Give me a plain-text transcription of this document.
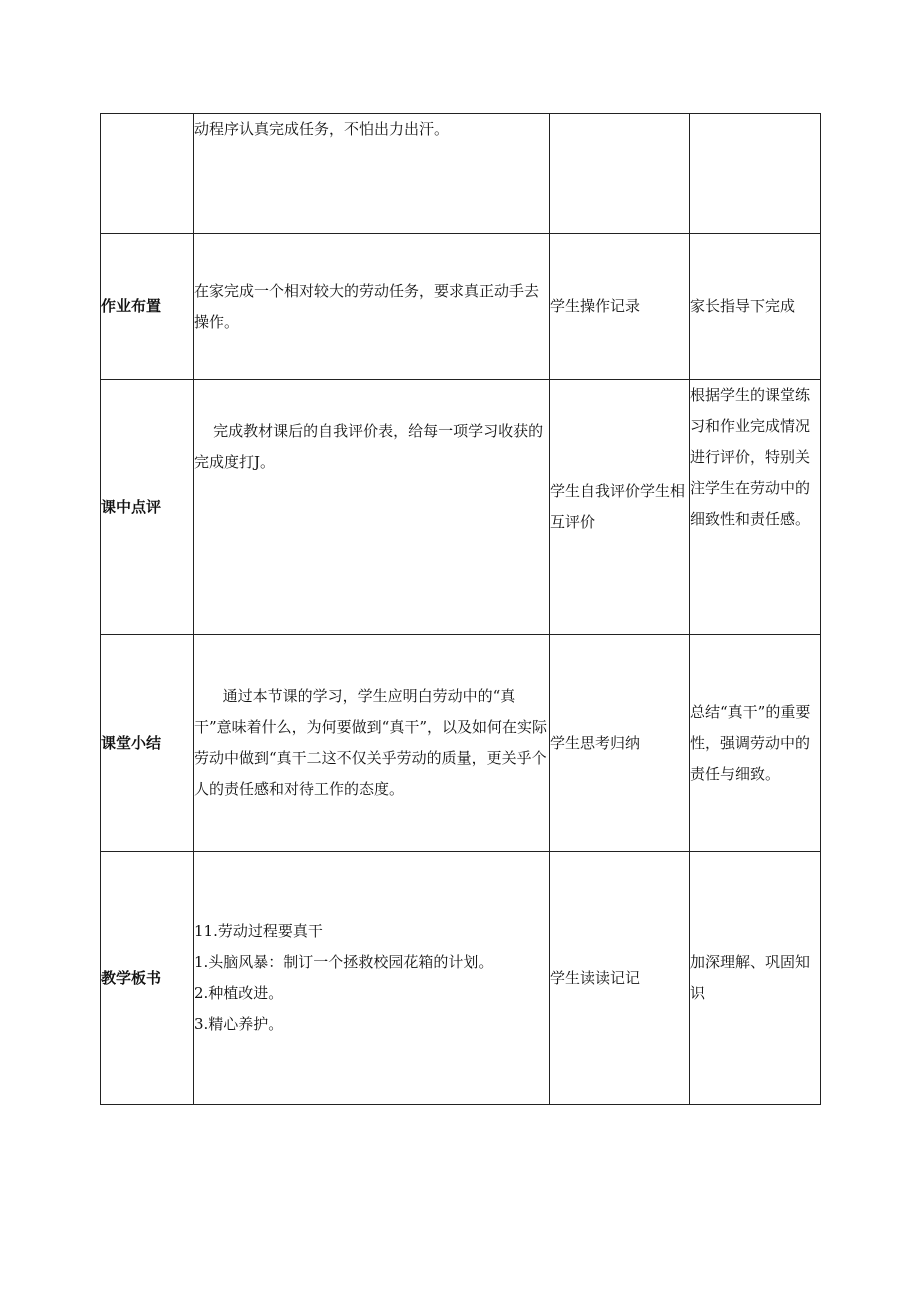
	动程序认真完成任务，不怕出力出汗。		

作业布置	在家完成一个相对较大的劳动任务，要求真正动手去操作。	学生操作记录	家长指导下完成
课中点评	完成教材课后的自我评价表，给每一项学习收获的完成度打J。	学生自我评价学生相互评价	根据学生的课堂练习和作业完成情况进行评价，特别关注学生在劳动中的细致性和责任感。
课堂小结	通过本节课的学习，学生应明白劳动中的“真干”意味着什么，为何要做到“真干”，以及如何在实际劳动中做到“真干二这不仅关乎劳动的质量，更关乎个人的责任感和对待工作的态度。	学生思考归纳	总结“真干”的重要性，强调劳动中的责任与细致。
教学板书	11.劳动过程要真干
1.头脑风暴：制订一个拯救校园花箱的计划。
2.种植改进。
3.精心养护。	学生读读记记	加深理解、巩固知识
